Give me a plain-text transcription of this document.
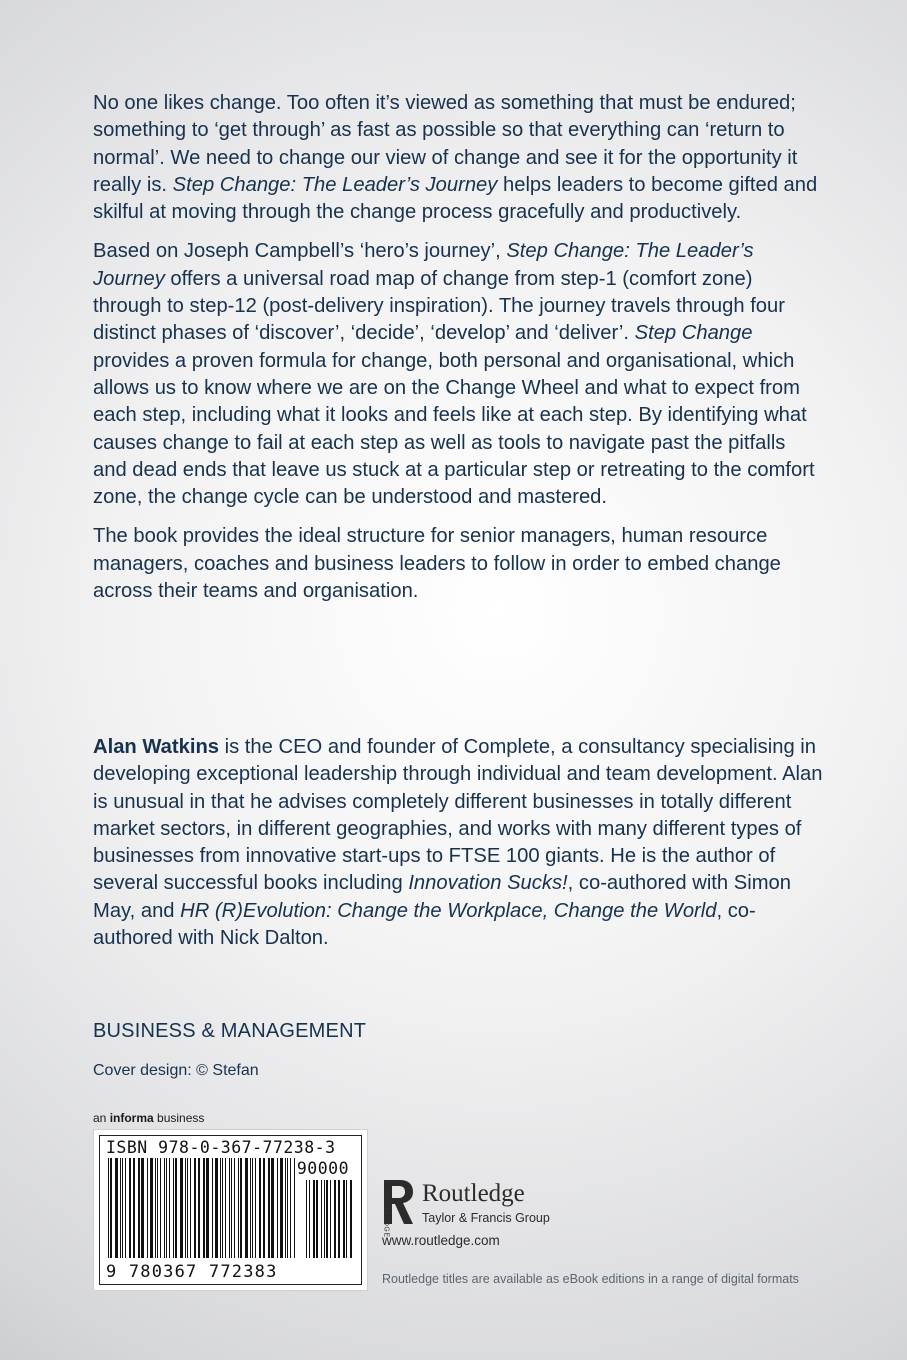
No one likes change. Too often it’s viewed as something that must be endured; something to ‘get through’ as fast as possible so that everything can ‘return to normal’. We need to change our view of change and see it for the opportunity it really is. Step Change: The Leader’s Journey helps leaders to become gifted and skilful at moving through the change process gracefully and productively.

Based on Joseph Campbell’s ‘hero’s journey’, Step Change: The Leader’s Journey offers a universal road map of change from step-1 (comfort zone) through to step-12 (post-delivery inspiration). The journey travels through four distinct phases of ‘discover’, ‘decide’, ‘develop’ and ‘deliver’. Step Change provides a proven formula for change, both personal and organisational, which allows us to know where we are on the Change Wheel and what to expect from each step, including what it looks and feels like at each step. By identifying what causes change to fail at each step as well as tools to navigate past the pitfalls and dead ends that leave us stuck at a particular step or retreating to the comfort zone, the change cycle can be understood and mastered.

The book provides the ideal structure for senior managers, human resource managers, coaches and business leaders to follow in order to embed change across their teams and organisation.

Alan Watkins is the CEO and founder of Complete, a consultancy specialising in developing exceptional leadership through individual and team development. Alan is unusual in that he advises completely different businesses in totally different market sectors, in different geographies, and works with many different types of businesses from innovative start-ups to FTSE 100 giants. He is the author of several successful books including Innovation Sucks!, co-authored with Simon May, and HR (R)Evolution: Change the Workplace, Change the World, co-authored with Nick Dalton.

BUSINESS & MANAGEMENT
Cover design: © Stefan
an informa business
ISBN 978-0-367-77238-3
90000
9 780367 772383
ROUTLEDGE Routledge
Taylor & Francis Group
www.routledge.com
Routledge titles are available as eBook editions in a range of digital formats
